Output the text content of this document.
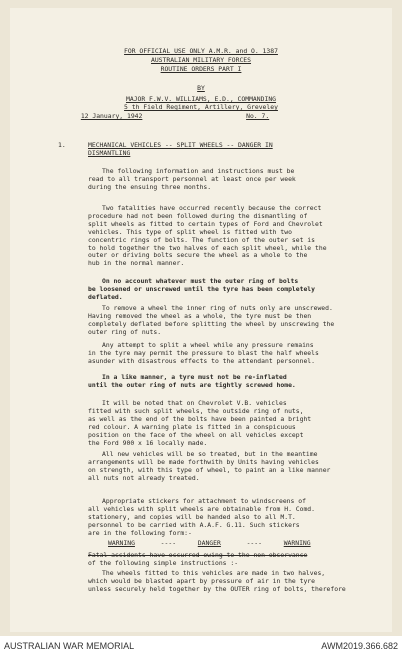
FOR OFFICIAL USE ONLY A.M.R. and O. 1387
AUSTRALIAN MILITARY FORCES
ROUTINE ORDERS PART I
BY
MAJOR F.W.V. WILLIAMS, E.D., COMMANDING
5 th Field Regiment, Artillery, Greveley
12 January, 1942	No. 7.
1.	MECHANICAL VEHICLES -- SPLIT WHEELS -- DANGER IN
DISMANTLING
The following information and instructions must be
read to all transport personnel at least once per week
during the ensuing three months.
Two fatalities have occurred recently because the correct
procedure had not been followed during the dismantling of
split wheels as fitted to certain types of Ford and Chevrolet
vehicles. This type of split wheel is fitted with two
concentric rings of bolts. The function of the outer set is
to hold together the two halves of each split wheel, while the
outer or driving bolts secure the wheel as a whole to the
hub in the normal manner.
On no account whatever must the outer ring of bolts
be loosened or unscrewed until the tyre has been completely
deflated.
To remove a wheel the inner ring of nuts only are unscrewed.
Having removed the wheel as a whole, the tyre must be then
completely deflated before splitting the wheel by unscrewing the
outer ring of nuts.
Any attempt to split a wheel while any pressure remains
in the tyre may permit the pressure to blast the half wheels
asunder with disastrous effects to the attendant personnel.
In a like manner, a tyre must not be re-inflated
until the outer ring of nuts are tightly screwed home.
It will be noted that on Chevrolet V.B. vehicles
fitted with such split wheels, the outside ring of nuts,
as well as the end of the bolts have been painted a bright
red colour. A warning plate is fitted in a conspicuous
position on the face of the wheel on all vehicles except
the Ford 900 x 16 locally made.
All new vehicles will be so treated, but in the meantime
arrangements will be made forthwith by Units having vehicles
on strength, with this type of wheel, to paint an a like manner
all nuts not already treated.
Appropriate stickers for attachment to windscreens of
all vehicles with split wheels are obtainable from H. Comd.
stationery, and copies will be handed also to all M.T.
personnel to be carried with A.A.F. G.11. Such stickers
are in the following form:-
WARNING	----	DANGER	----	WARNING
Fatal accidents have occurred owing to the non-observance
of the following simple instructions :-
The wheels fitted to this vehicles are made in two halves,
which would be blasted apart by pressure of air in the tyre
unless securely held together by the OUTER ring of bolts, therefore
AUSTRALIAN WAR MEMORIAL	AWM2019.366.682
